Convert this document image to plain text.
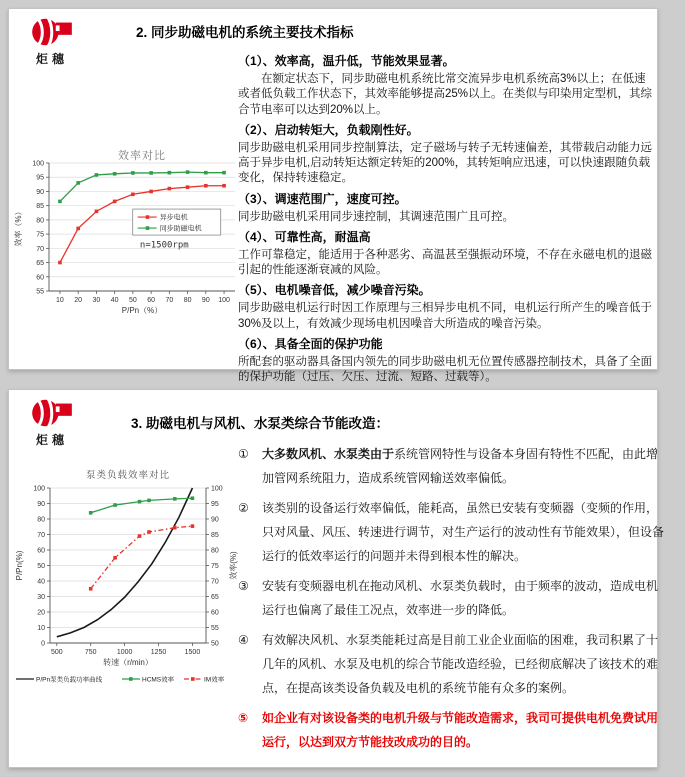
炬穗
2. 同步助磁电机的系统主要技术指标
55
60
65
70
75
80
85
90
95
100
10 20 30 40 50 60 70 80 90 100
效率对比
P/Pn（%）
效率（%）	异步电机
同步助磁电机
n=1500rpm
（1）、效率高，温升低，节能效果显著。

在额定状态下，同步助磁电机系统比常交流异步电机系统高3%以上；在低速或者低负载工作状态下，其效率能够提高25%以上。在类似与印染用定型机，其综合节电率可以达到20%以上。

（2）、启动转矩大，负载刚性好。

同步助磁电机采用同步控制算法，定子磁场与转子无转速偏差，其带载启动能力远高于异步电机,启动转矩达额定转矩的200%，其转矩响应迅速，可以快速跟随负载变化，保持转速稳定。

（3）、调速范围广，速度可控。

同步助磁电机采用同步速控制，其调速范围广且可控。

（4）、可靠性高，耐温高

工作可靠稳定，能适用于各种恶劣、高温甚至强振动环境，不存在永磁电机的退磁引起的性能逐渐衰减的风险。

（5）、电机噪音低，减少噪音污染。

同步助磁电机运行时因工作原理与三相异步电机不同，电机运行所产生的噪音低于30%及以上，有效减少现场电机因噪音大所造成的噪音污染。

（6）、具备全面的保护功能

所配套的驱动器具备国内领先的同步助磁电机无位置传感器控制技术，具备了全面的保护功能（过压、欠压、过流、短路、过载等）。

炬穗
3. 助磁电机与风机、水泵类综合节能改造：
0
10
20
30
40
50
60
70
80
90
100
50
55
60
65
70
75
80
85
90
95
100
500	750	1000	1250	1500
泵类负载效率对比
转速（r/min）
P/Pn(%)	效率(%)
P/Pn泵类负载功率曲线	HCMS效率	IM效率
①	大多数风机、水泵类由于系统管网特性与设备本身固有特性不匹配，由此增加管网系统阻力，造成系统管网输送效率偏低。

②	该类别的设备运行效率偏低，能耗高，虽然已安装有变频器（变频的作用，只对风量、风压、转速进行调节，对生产运行的波动性有节能效果），但设备运行的低效率运行的问题并未得到根本性的解决。

③	安装有变频器电机在拖动风机、水泵类负载时，由于频率的波动，造成电机运行也偏离了最佳工况点，效率进一步的降低。

④	有效解决风机、水泵类能耗过高是目前工业企业面临的困难，我司积累了十几年的风机、水泵及电机的综合节能改造经验，已经彻底解决了该技术的难点，在提高该类设备负载及电机的系统节能有众多的案例。

⑤	如企业有对该设备类的电机升级与节能改造需求，我司可提供电机免费试用运行，以达到双方节能技改成功的目的。
